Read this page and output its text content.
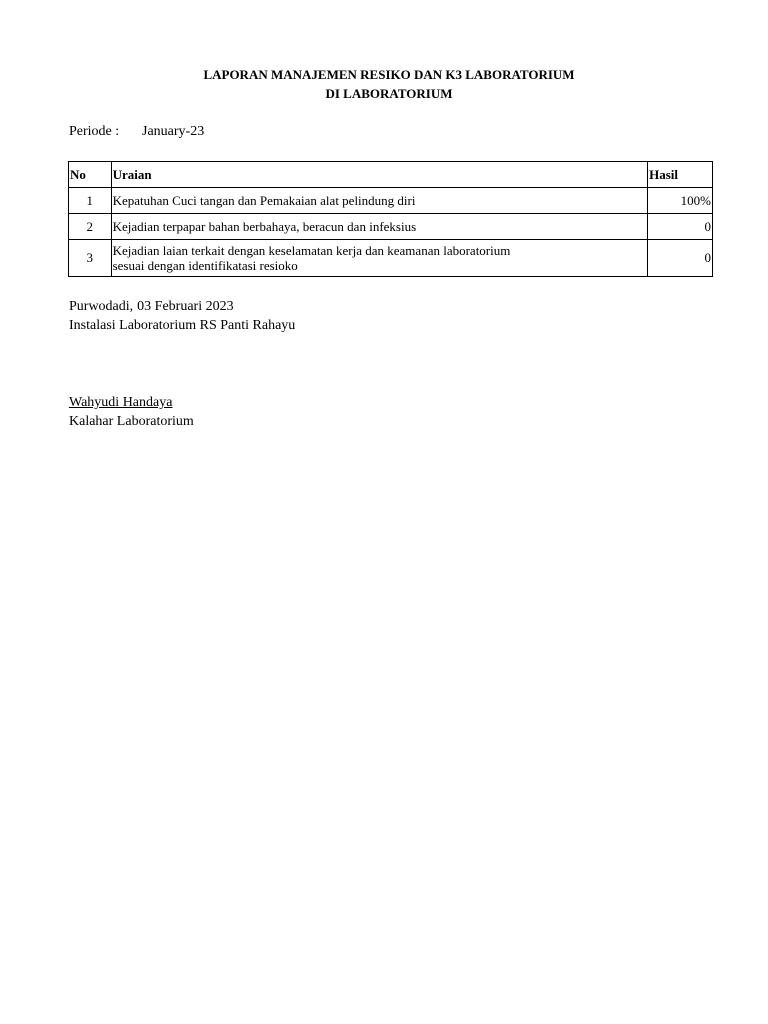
LAPORAN MANAJEMEN RESIKO DAN K3 LABORATORIUM
DI LABORATORIUM
Periode : January-23
No	Uraian	Hasil
1	Kepatuhan Cuci tangan dan Pemakaian alat pelindung diri	100%
2	Kejadian terpapar bahan berbahaya, beracun dan infeksius	0
3	Kejadian laian terkait dengan keselamatan kerja dan keamanan laboratorium
sesuai dengan identifikatasi resioko	0
Purwodadi, 03 Februari 2023
Instalasi Laboratorium RS Panti Rahayu
Wahyudi Handaya
Kalahar Laboratorium
